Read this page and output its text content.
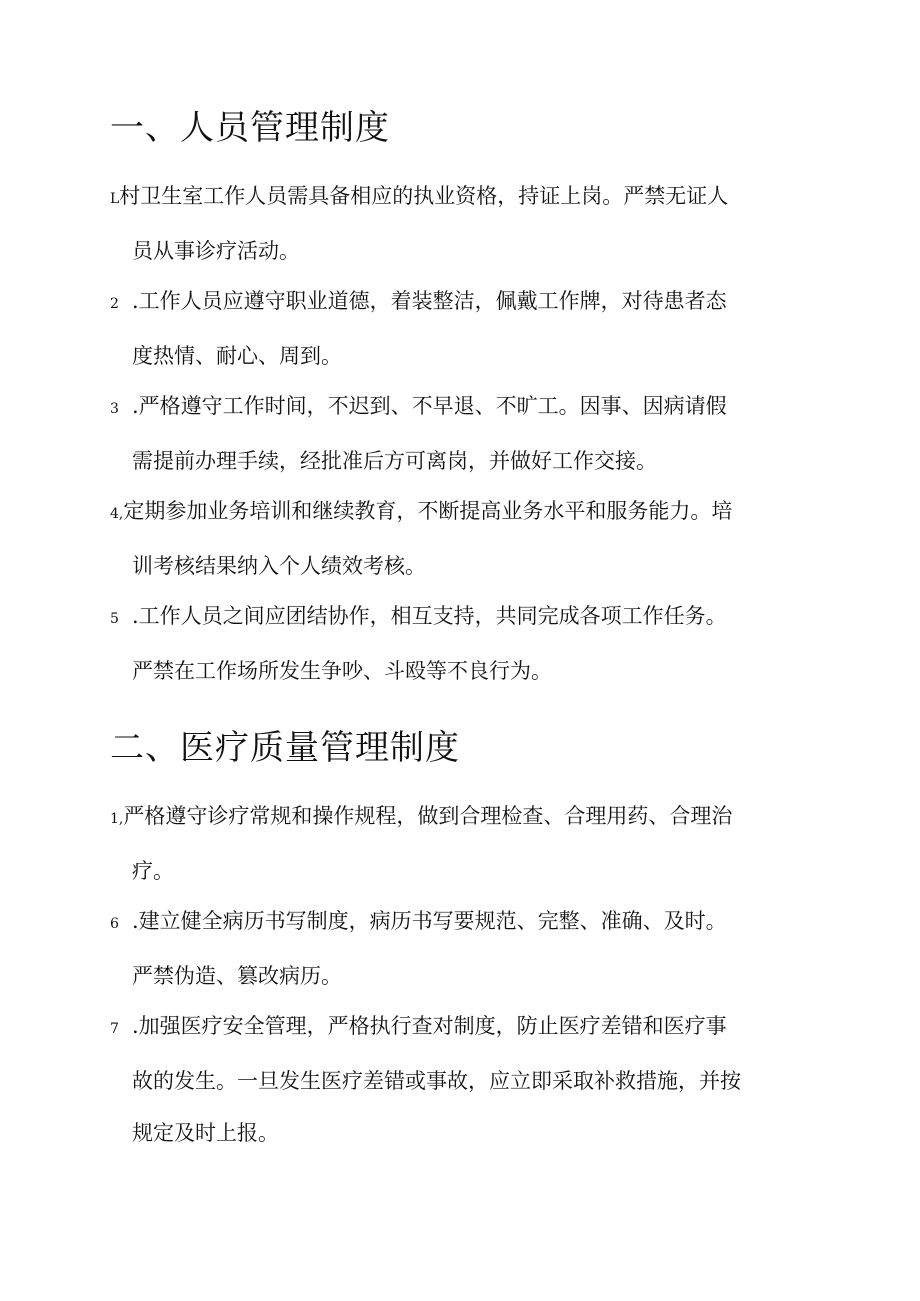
一、人员管理制度
L村卫生室工作人员需具备相应的执业资格，持证上岗。严禁无证人
员从事诊疗活动。
2 .工作人员应遵守职业道德，着装整洁，佩戴工作牌，对待患者态
度热情、耐心、周到。
3 .严格遵守工作时间，不迟到、不早退、不旷工。因事、因病请假
需提前办理手续，经批准后方可离岗，并做好工作交接。
4,定期参加业务培训和继续教育，不断提高业务水平和服务能力。培
训考核结果纳入个人绩效考核。
5 .工作人员之间应团结协作，相互支持，共同完成各项工作任务。
严禁在工作场所发生争吵、斗殴等不良行为。
二、医疗质量管理制度
1,严格遵守诊疗常规和操作规程，做到合理检查、合理用药、合理治
疗。
6 .建立健全病历书写制度，病历书写要规范、完整、准确、及时。
严禁伪造、篡改病历。
7 .加强医疗安全管理，严格执行查对制度，防止医疗差错和医疗事
故的发生。一旦发生医疗差错或事故，应立即采取补救措施，并按
规定及时上报。
